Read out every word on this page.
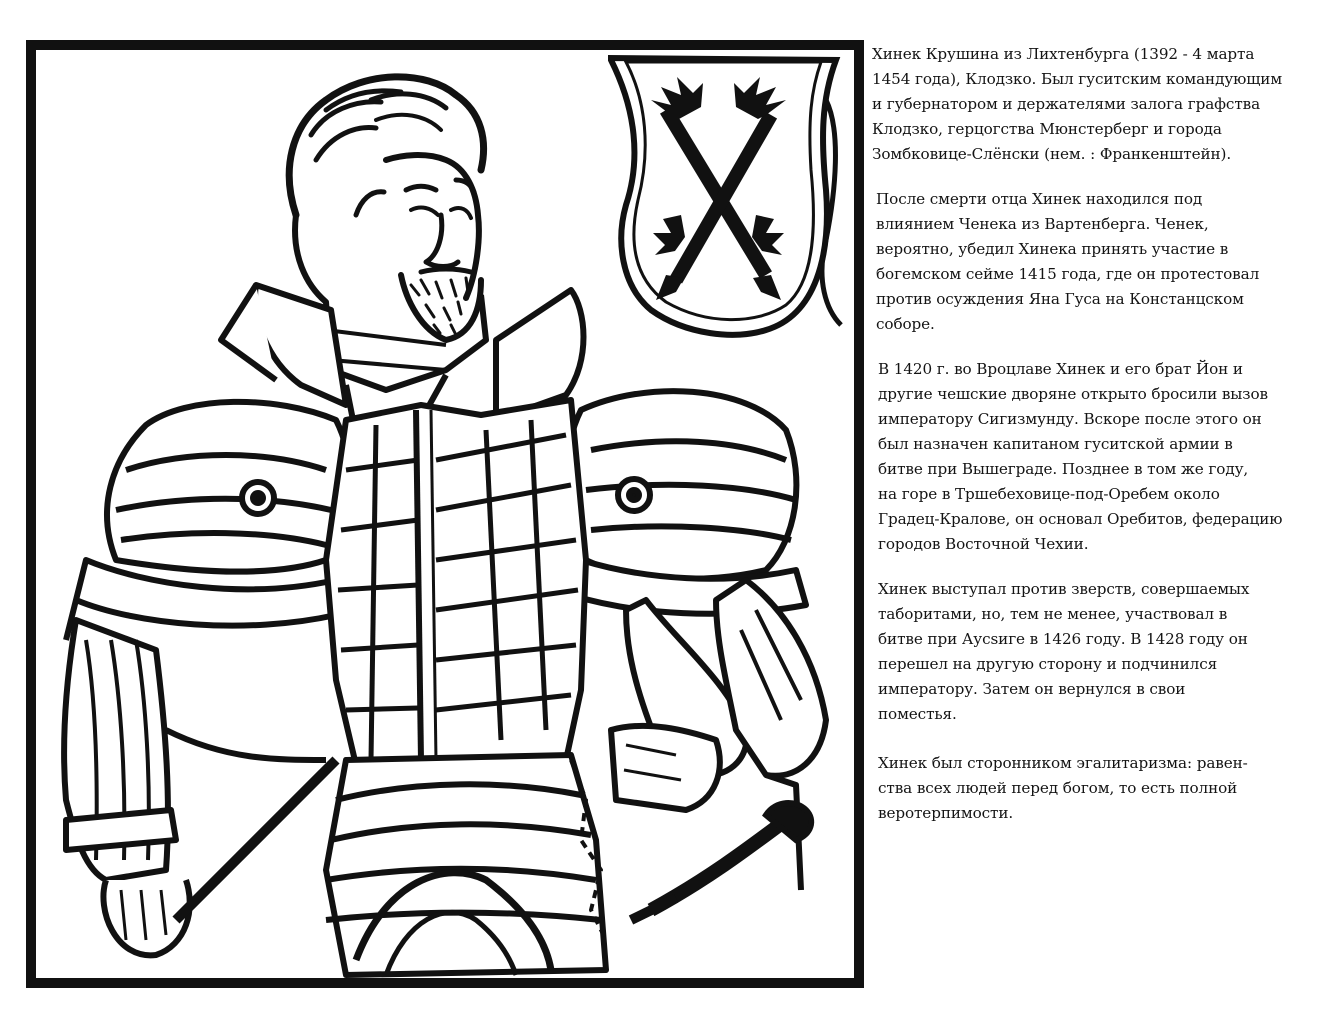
Хинек Крушина из Лихтенбурга (1392 - 4 марта
1454 года), Клодзко. Был гуситским командующим
и губернатором и держателями залога графства
Клодзко, герцогства Мюнстерберг и города
Зомбковице-Слёнски (нем. : Франкенштейн).

После смерти отца Хинек находился под
влиянием Ченека из Вартенберга. Ченек,
вероятно, убедил Хинека принять участие в
богемском сейме 1415 года, где он протестовал
против осуждения Яна Гуса на Констанцском
соборе.

В 1420 г. во Вроцлаве Хинек и его брат Йон и
другие чешские дворяне открыто бросили вызов
императору Сигизмунду. Вскоре после этого он
был назначен капитаном гуситской армии в
битве при Вышеграде. Позднее в том же году,
на горе в Тршебеховице-под-Оребем около
Градец-Кралове, он основал Оребитов, федерацию
городов Восточной Чехии.

Хинек выступал против зверств, совершаемых
таборитами, но, тем не менее, участвовал в
битве при Аусsиге в 1426 году. В 1428 году он
перешел на другую сторону и подчинился
императору. Затем он вернулся в свои
поместья.

Хинек был сторонником эгалитаризма: равен-
ства всех людей перед богом, то есть полной
веротерпимости.
